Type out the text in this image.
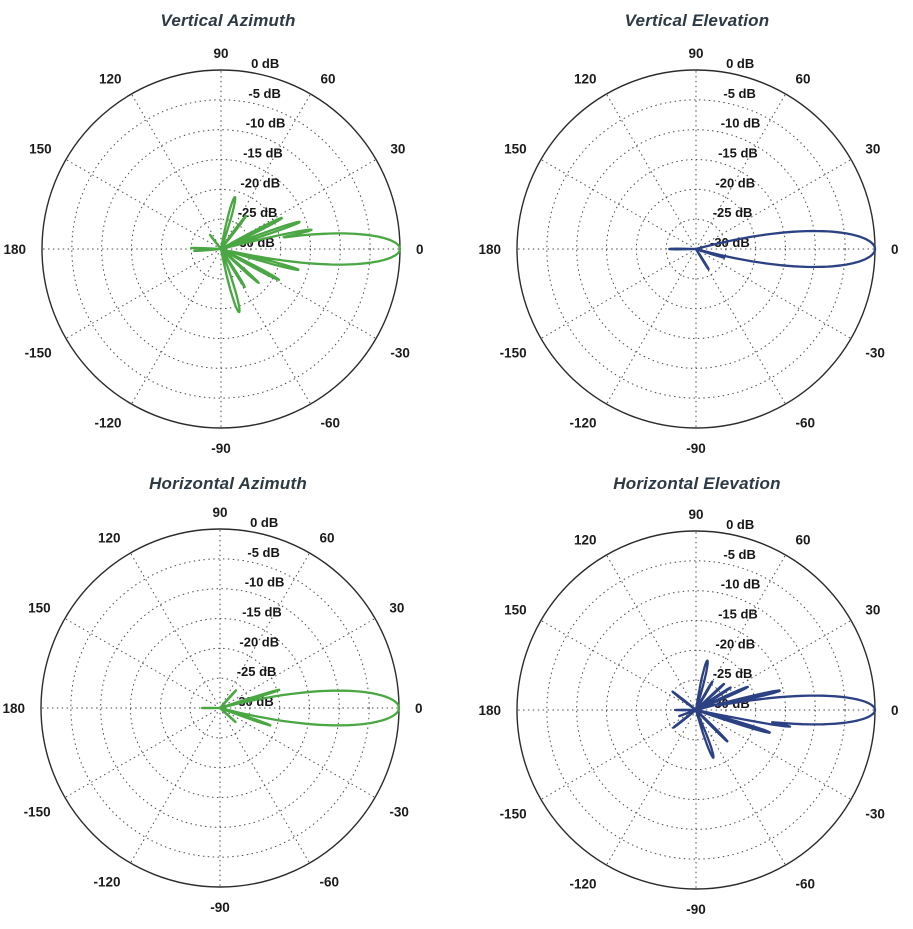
Vertical Azimuth
0
30
60
90
120
150
180
-150
-120
-90
-60
-30
0 dB
-5 dB
-10 dB
-15 dB
-20 dB
-25 dB
-30 dB
Vertical Elevation
0
30
60
90
120
150
180
-150
-120
-90
-60
-30
0 dB
-5 dB
-10 dB
-15 dB
-20 dB
-25 dB
-30 dB
Horizontal Azimuth
0
30
60
90
120
150
180
-150
-120
-90
-60
-30
0 dB
-5 dB
-10 dB
-15 dB
-20 dB
-25 dB
-30 dB
Horizontal Elevation
0
30
60
90
120
150
180
-150
-120
-90
-60
-30
0 dB
-5 dB
-10 dB
-15 dB
-20 dB
-25 dB
-30 dB
